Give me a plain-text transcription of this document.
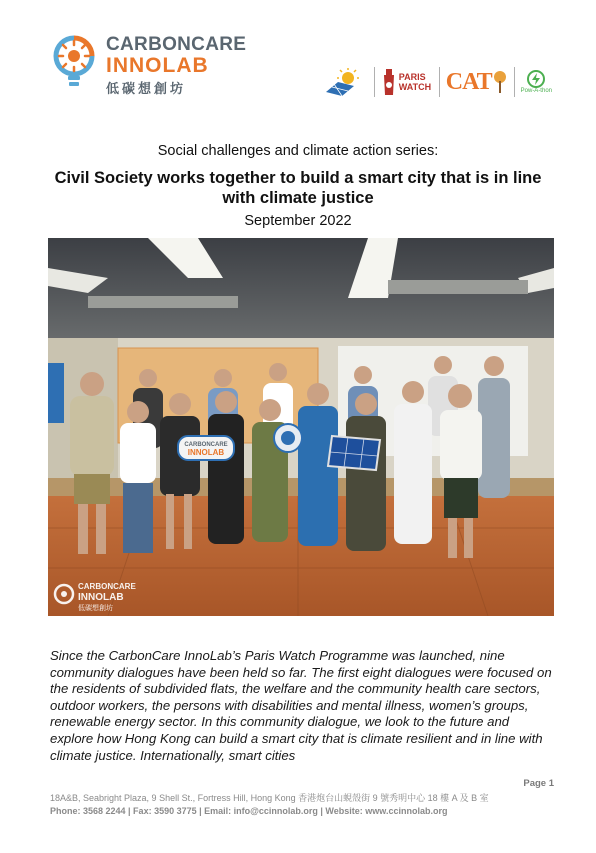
CARBONCARE
INNOLAB
低碳想創坊
PARIS WATCH CAT	Pow-A-thon
Social challenges and climate action series:
Civil Society works together to build a smart city that is in line with climate justice
September 2022
CARBONCARE
INNOLAB
CARBONCARE
INNOLAB
低碳想創坊
Since the CarbonCare InnoLab’s Paris Watch Programme was launched, nine community dialogues have been held so far. The first eight dialogues were focused on the residents of subdivided flats, the welfare and the community health care sectors, outdoor workers, the persons with disabilities and mental illness, women’s groups, renewable energy sector. In this community dialogue, we look to the future and explore how Hong Kong can build a smart city that is climate resilient and in line with climate justice. Internationally, smart cities
Page 1
18A&B, Seabright Plaza, 9 Shell St., Fortress Hill, Hong Kong 香港炮台山蜆殼街 9 號秀明中心 18 樓 A 及 B 室
Phone: 3568 2244 | Fax: 3590 3775 | Email: info@ccinnolab.org | Website: www.ccinnolab.org
